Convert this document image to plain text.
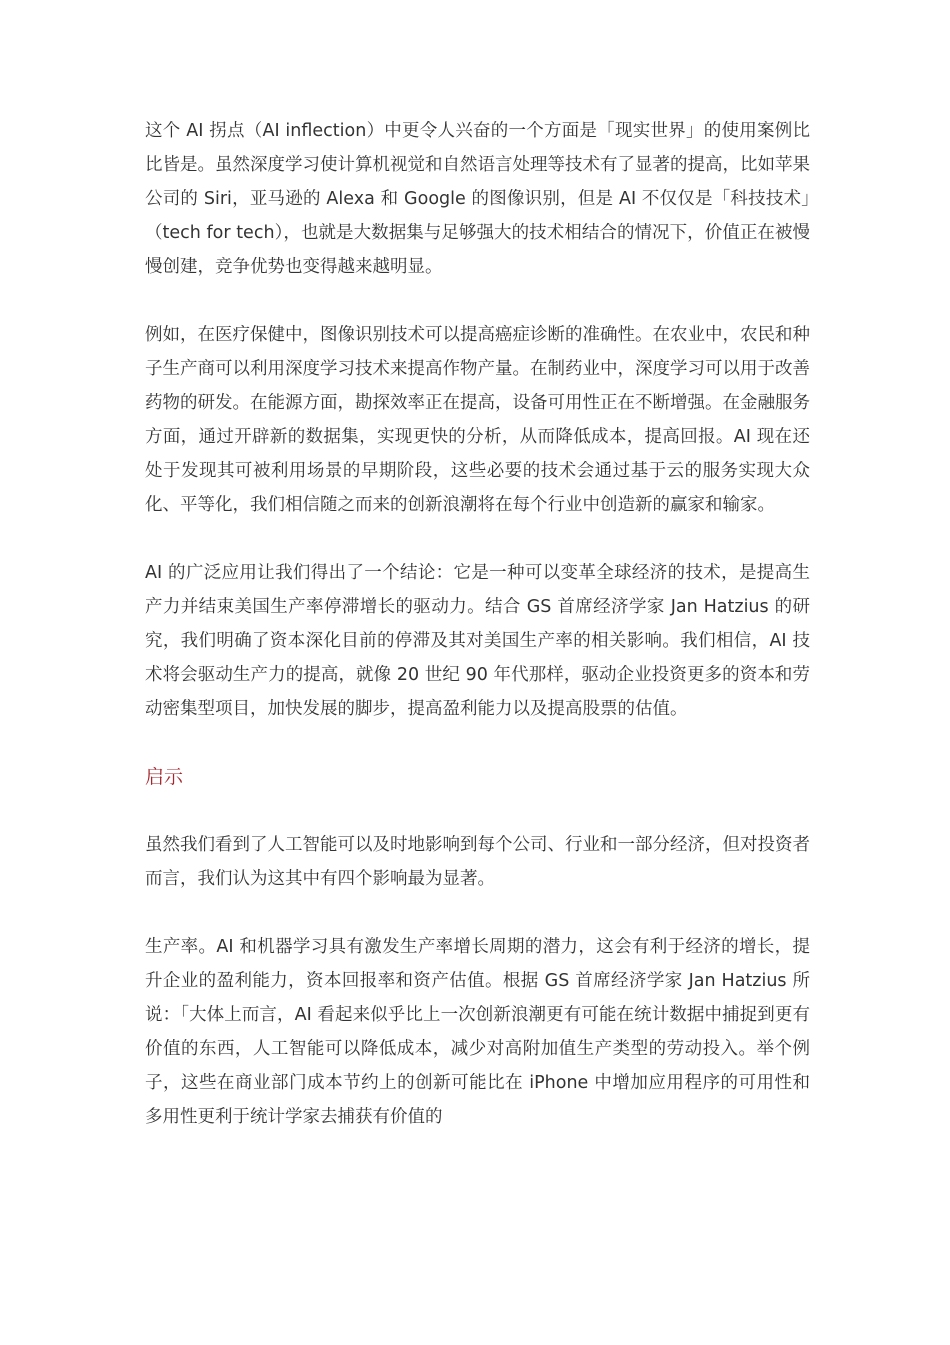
这个 AI 拐点（AI inflection）中更令人兴奋的一个方面是「现实世界」的使用案例比比皆是。虽然深度学习使计算机视觉和自然语言处理等技术有了显著的提高，比如苹果公司的 Siri，亚马逊的 Alexa 和 Google 的图像识别，但是 AI 不仅仅是「科技技术」（tech for tech），也就是大数据集与足够强大的技术相结合的情况下，价值正在被慢慢创建，竞争优势也变得越来越明显。

例如，在医疗保健中，图像识别技术可以提高癌症诊断的准确性。在农业中，农民和种子生产商可以利用深度学习技术来提高作物产量。在制药业中，深度学习可以用于改善药物的研发。在能源方面，勘探效率正在提高，设备可用性正在不断增强。在金融服务方面，通过开辟新的数据集，实现更快的分析，从而降低成本，提高回报。AI 现在还处于发现其可被利用场景的早期阶段，这些必要的技术会通过基于云的服务实现大众化、平等化，我们相信随之而来的创新浪潮将在每个行业中创造新的赢家和输家。

AI 的广泛应用让我们得出了一个结论：它是一种可以变革全球经济的技术，是提高生产力并结束美国生产率停滞增长的驱动力。结合 GS 首席经济学家 Jan Hatzius 的研究，我们明确了资本深化目前的停滞及其对美国生产率的相关影响。我们相信，AI 技术将会驱动生产力的提高，就像 20 世纪 90 年代那样，驱动企业投资更多的资本和劳动密集型项目，加快发展的脚步，提高盈利能力以及提高股票的估值。

启示

虽然我们看到了人工智能可以及时地影响到每个公司、行业和一部分经济，但对投资者而言，我们认为这其中有四个影响最为显著。

生产率。AI 和机器学习具有激发生产率增长周期的潜力，这会有利于经济的增长，提升企业的盈利能力，资本回报率和资产估值。根据 GS 首席经济学家 Jan Hatzius 所说：「大体上而言，AI 看起来似乎比上一次创新浪潮更有可能在统计数据中捕捉到更有价值的东西，人工智能可以降低成本，减少对高附加值生产类型的劳动投入。举个例子，这些在商业部门成本节约上的创新可能比在 iPhone 中增加应用程序的可用性和多用性更利于统计学家去捕获有价值的
